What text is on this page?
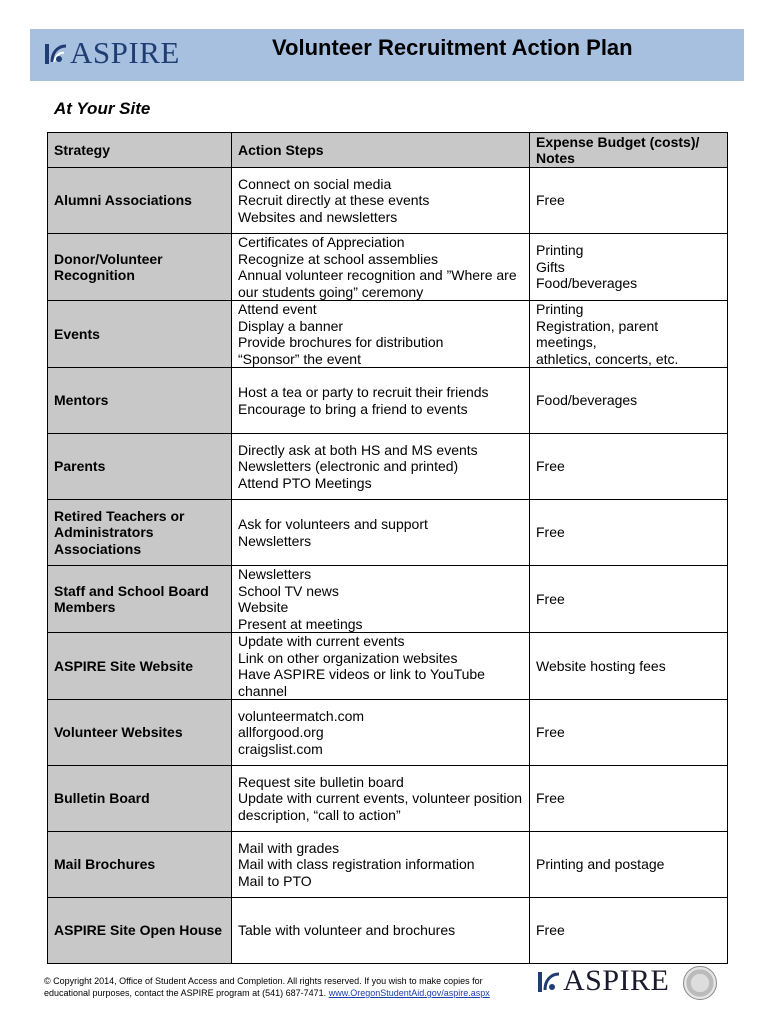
ASPIRE	Volunteer Recruitment Action Plan
At Your Site
Strategy	Action Steps	Expense Budget (costs)/ Notes

Alumni Associations	Connect on social media
Recruit directly at these events
Websites and newsletters	Free

Donor/Volunteer
Recognition	Certificates of Appreciation
Recognize at school assemblies
Annual volunteer recognition and ”Where are
our students going” ceremony	Printing
Gifts
Food/beverages

Events	Attend event
Display a banner
Provide brochures for distribution
“Sponsor” the event	Printing
Registration, parent meetings,
athletics, concerts, etc.

Mentors	Host a tea or party to recruit their friends
Encourage to bring a friend to events	Food/beverages

Parents	Directly ask at both HS and MS events
Newsletters (electronic and printed)
Attend PTO Meetings	Free

Retired Teachers or
Administrators
Associations	Ask for volunteers and support
Newsletters	Free

Staff and School Board
Members	Newsletters
School TV news
Website
Present at meetings	Free

ASPIRE Site Website	Update with current events
Link on other organization websites
Have ASPIRE videos or link to YouTube
channel	Website hosting fees

Volunteer Websites	volunteermatch.com
allforgood.org
craigslist.com	Free

Bulletin Board	Request site bulletin board
Update with current events, volunteer position
description, “call to action”	Free

Mail Brochures	Mail with grades
Mail with class registration information
Mail to PTO	Printing and postage

ASPIRE Site Open House	Table with volunteer and brochures	Free
© Copyright 2014, Office of Student Access and Completion. All rights reserved. If you wish to make copies for
educational purposes, contact the ASPIRE program at (541) 687-7471. www.OregonStudentAid.gov/aspire.aspx	ASPIRE
